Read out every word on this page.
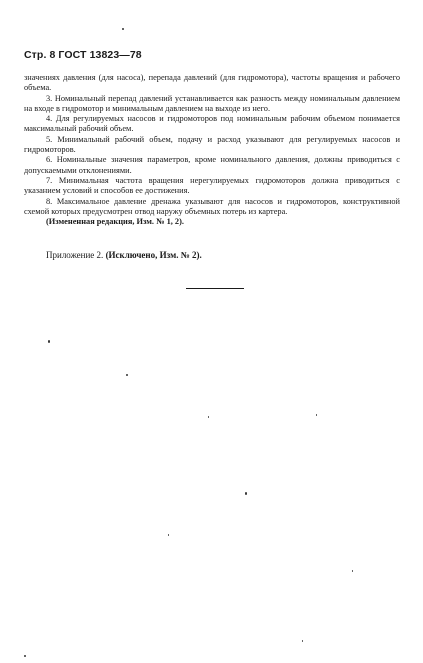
Стр. 8 ГОСТ 13823—78

значениях давления (для насоса), перепада давлений (для гидромотора), частоты вращения и рабочего объема.

3. Номинальный перепад давлений устанавливается как разность между номинальным давлением на входе в гидромотор и минимальным давлением на выходе из него.

4. Для регулируемых насосов и гидромоторов под номинальным рабочим объемом понимается максимальный рабочий объем.

5. Минимальный рабочий объем, подачу и расход указывают для регулируемых насосов и гидромоторов.

6. Номинальные значения параметров, кроме номинального давления, должны приводиться с допускаемыми отклонениями.

7. Минимальная частота вращения нерегулируемых гидромоторов должна приводиться с указанием условий и способов ее достижения.

8. Максимальное давление дренажа указывают для насосов и гидромоторов, конструктивной схемой которых предусмотрен отвод наружу объемных потерь из картера.

(Измененная редакция, Изм. № 1, 2).

Приложение 2. (Исключено, Изм. № 2).
